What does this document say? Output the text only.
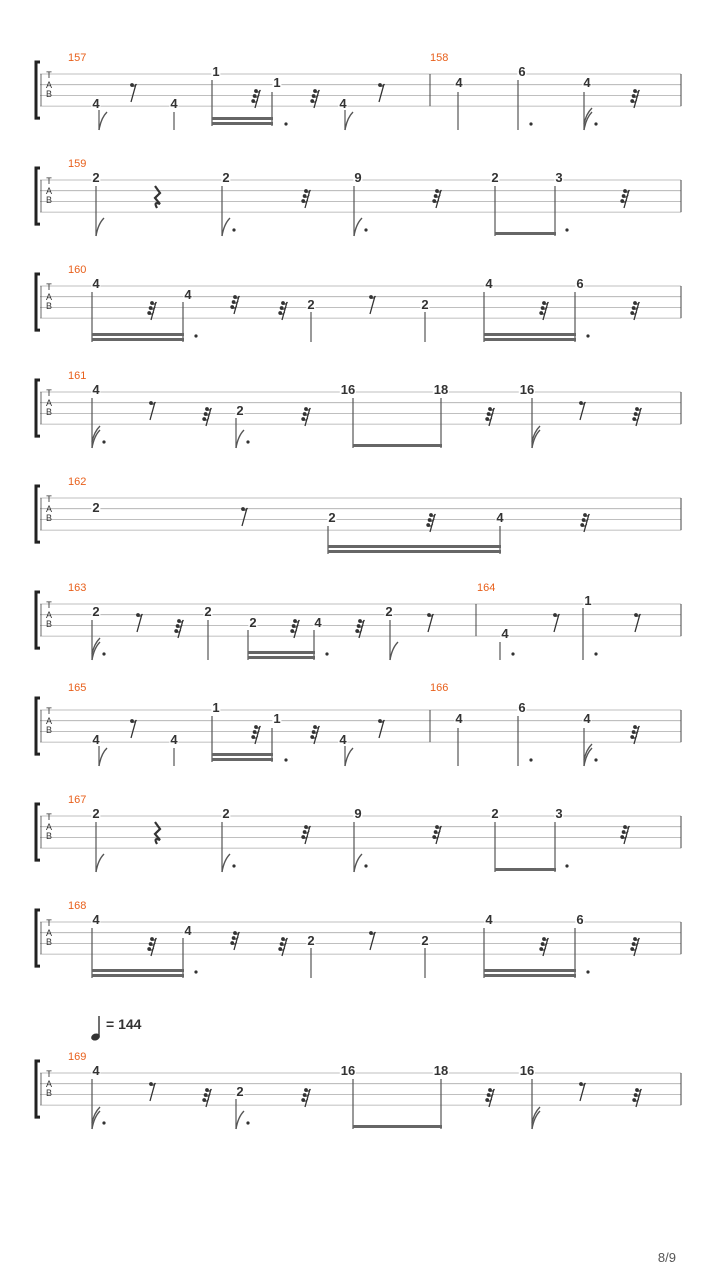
T
A
B
157	158
4	4
1
1
4
4
6
4
T
A
B
159
2	2	9	2	3
T
A
B
160
4
4
2	2
4	6
T
A
B
161
4
2
16	18	16
T
A
B
162
2
2	4
T
A
B
163	164
2	2
2	4
2
4
1
T
A
B
165	166
4	4
1
1
4
4
6
4
T
A
B
167
2	2	9	2	3
T
A
B
168
4
4
2	2
4	6
T
A
B
169
4
2
16	18	16
= 144
8/9
